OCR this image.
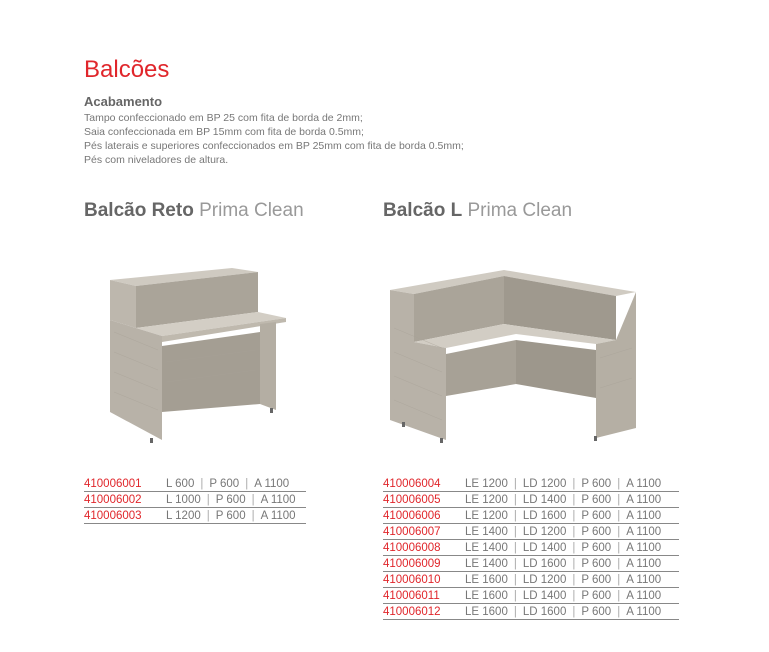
Balcões
Acabamento
Tampo confeccionado em BP 25 com fita de borda de 2mm;
Saia confeccionada em BP 15mm com fita de borda 0.5mm;
Pés laterais e superiores confeccionados em BP 25mm com fita de borda 0.5mm;
Pés com niveladores de altura.
Balcão Reto Prima Clean	Balcão L Prima Clean
410006001	L 600 | P 600 | A 1100
410006002	L 1000 | P 600 | A 1100
410006003	L 1200 | P 600 | A 1100
410006004	LE 1200 | LD 1200 | P 600 | A 1100
410006005	LE 1200 | LD 1400 | P 600 | A 1100
410006006	LE 1200 | LD 1600 | P 600 | A 1100
410006007	LE 1400 | LD 1200 | P 600 | A 1100
410006008	LE 1400 | LD 1400 | P 600 | A 1100
410006009	LE 1400 | LD 1600 | P 600 | A 1100
410006010	LE 1600 | LD 1200 | P 600 | A 1100
410006011	LE 1600 | LD 1400 | P 600 | A 1100
410006012	LE 1600 | LD 1600 | P 600 | A 1100
